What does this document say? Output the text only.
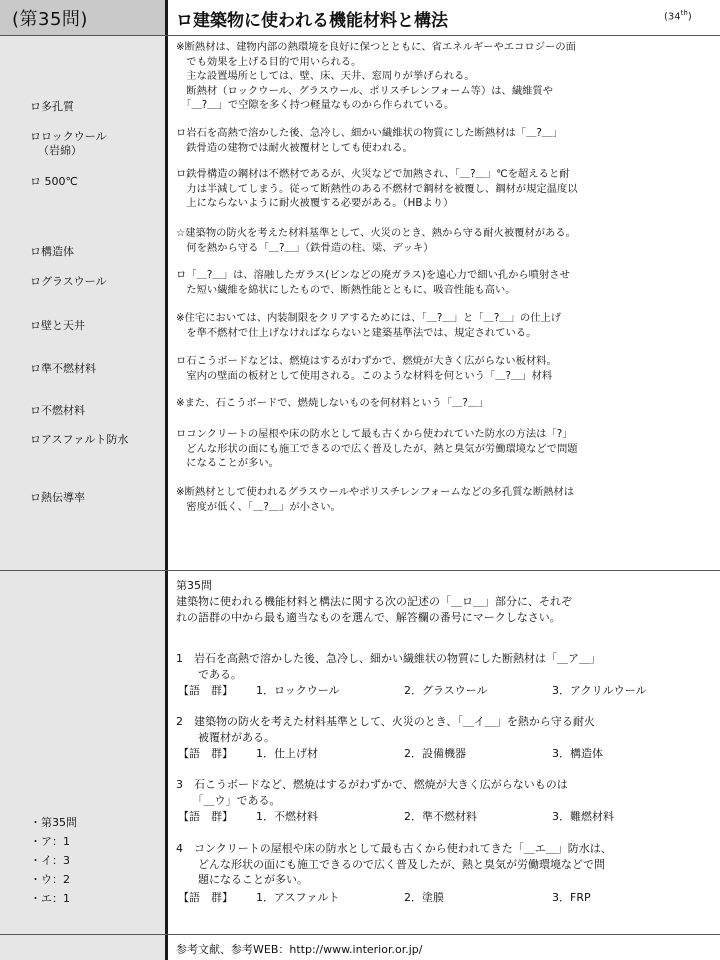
(第35問)	ロ建築物に使われる機能材料と構法	(34th)
ロ多孔質
ロロックウール
（岩綿）
ロ 500℃
ロ構造体
ログラスウール
ロ壁と天井
ロ準不燃材料
ロ不燃材料
ロアスファルト防水
ロ熱伝導率
※断熱材は、建物内部の熱環境を良好に保つとともに、省エネルギーやエコロジーの面
　でも効果を上げる目的で用いられる。
　主な設置場所としては、壁、床、天井、窓周りが挙げられる。
　断熱材（ロックウール、グラスウール、ポリスチレンフォーム等）は、繊維質や
　「＿?＿」で空隙を多く持つ軽量なものから作られている。
ロ岩石を高熱で溶かした後、急冷し、細かい繊維状の物質にした断熱材は「＿?＿」
　鉄骨造の建物では耐火被覆材としても使われる。
ロ鉄骨構造の鋼材は不燃材であるが、火災などで加熱され、「＿?＿」℃を超えると耐
　力は半減してしまう。従って断熱性のある不燃材で鋼材を被覆し、鋼材が規定温度以
　上にならないように耐火被覆する必要がある。（HBより）
☆建築物の防火を考えた材料基準として、火災のとき、熱から守る耐火被覆材がある。
　何を熱から守る「＿?＿」（鉄骨造の柱、梁、デッキ）
ロ「＿?＿」は、溶融したガラス(ビンなどの廃ガラス)を遠心力で細い孔から噴射させ
　た短い繊維を綿状にしたもので、断熱性能とともに、吸音性能も高い。
※住宅においては、内装制限をクリアするためには、「＿?＿」と「＿?＿」の仕上げ
　を準不燃材で仕上げなければならないと建築基準法では、規定されている。
ロ石こうボードなどは、燃焼はするがわずかで、燃焼が大きく広がらない板材料。
　室内の壁面の板材として使用される。このような材料を何という「＿?＿」材料
※また、石こうボードで、燃焼しないものを何材料という「＿?＿」
ロコンクリートの屋根や床の防水として最も古くから使われていた防水の方法は「?」
　どんな形状の面にも施工できるので広く普及したが、熱と臭気が労働環境などで問題
　になることが多い。
※断熱材として使われるグラスウールやポリスチレンフォームなどの多孔質な断熱材は
　密度が低く、「＿?＿」が小さい。
第35問
建築物に使われる機能材料と構法に関する次の記述の「＿ロ＿」部分に、それぞ
れの語群の中から最も適当なものを選んで、解答欄の番号にマークしなさい。
1　岩石を高熱で溶かした後、急冷し、細かい繊維状の物質にした断熱材は「＿ア＿」
　　である。
【語　群】 1．ロックウール	2．グラスウール	3．アクリルウール
2　建築物の防火を考えた材料基準として、火災のとき、「＿イ＿」を熱から守る耐火
　　被覆材がある。
【語　群】 1．仕上げ材	2．設備機器	3．構造体
3　石こうボードなど、燃焼はするがわずかで、燃焼が大きく広がらないものは
　　「＿ウ」である。
【語　群】 1．不燃材料	2．準不燃材料	3．難燃材料
4　コンクリートの屋根や床の防水として最も古くから使われてきた「＿エ＿」防水は、
　　どんな形状の面にも施工できるので広く普及したが、熱と臭気が労働環境などで問
　　題になることが多い。
【語　群】 1．アスファルト	2．塗膜	3．FRP
・第35問
・ア：1
・イ：3
・ウ：2
・エ：1
参考文献、参考WEB：http://www.interior.or.jp/
